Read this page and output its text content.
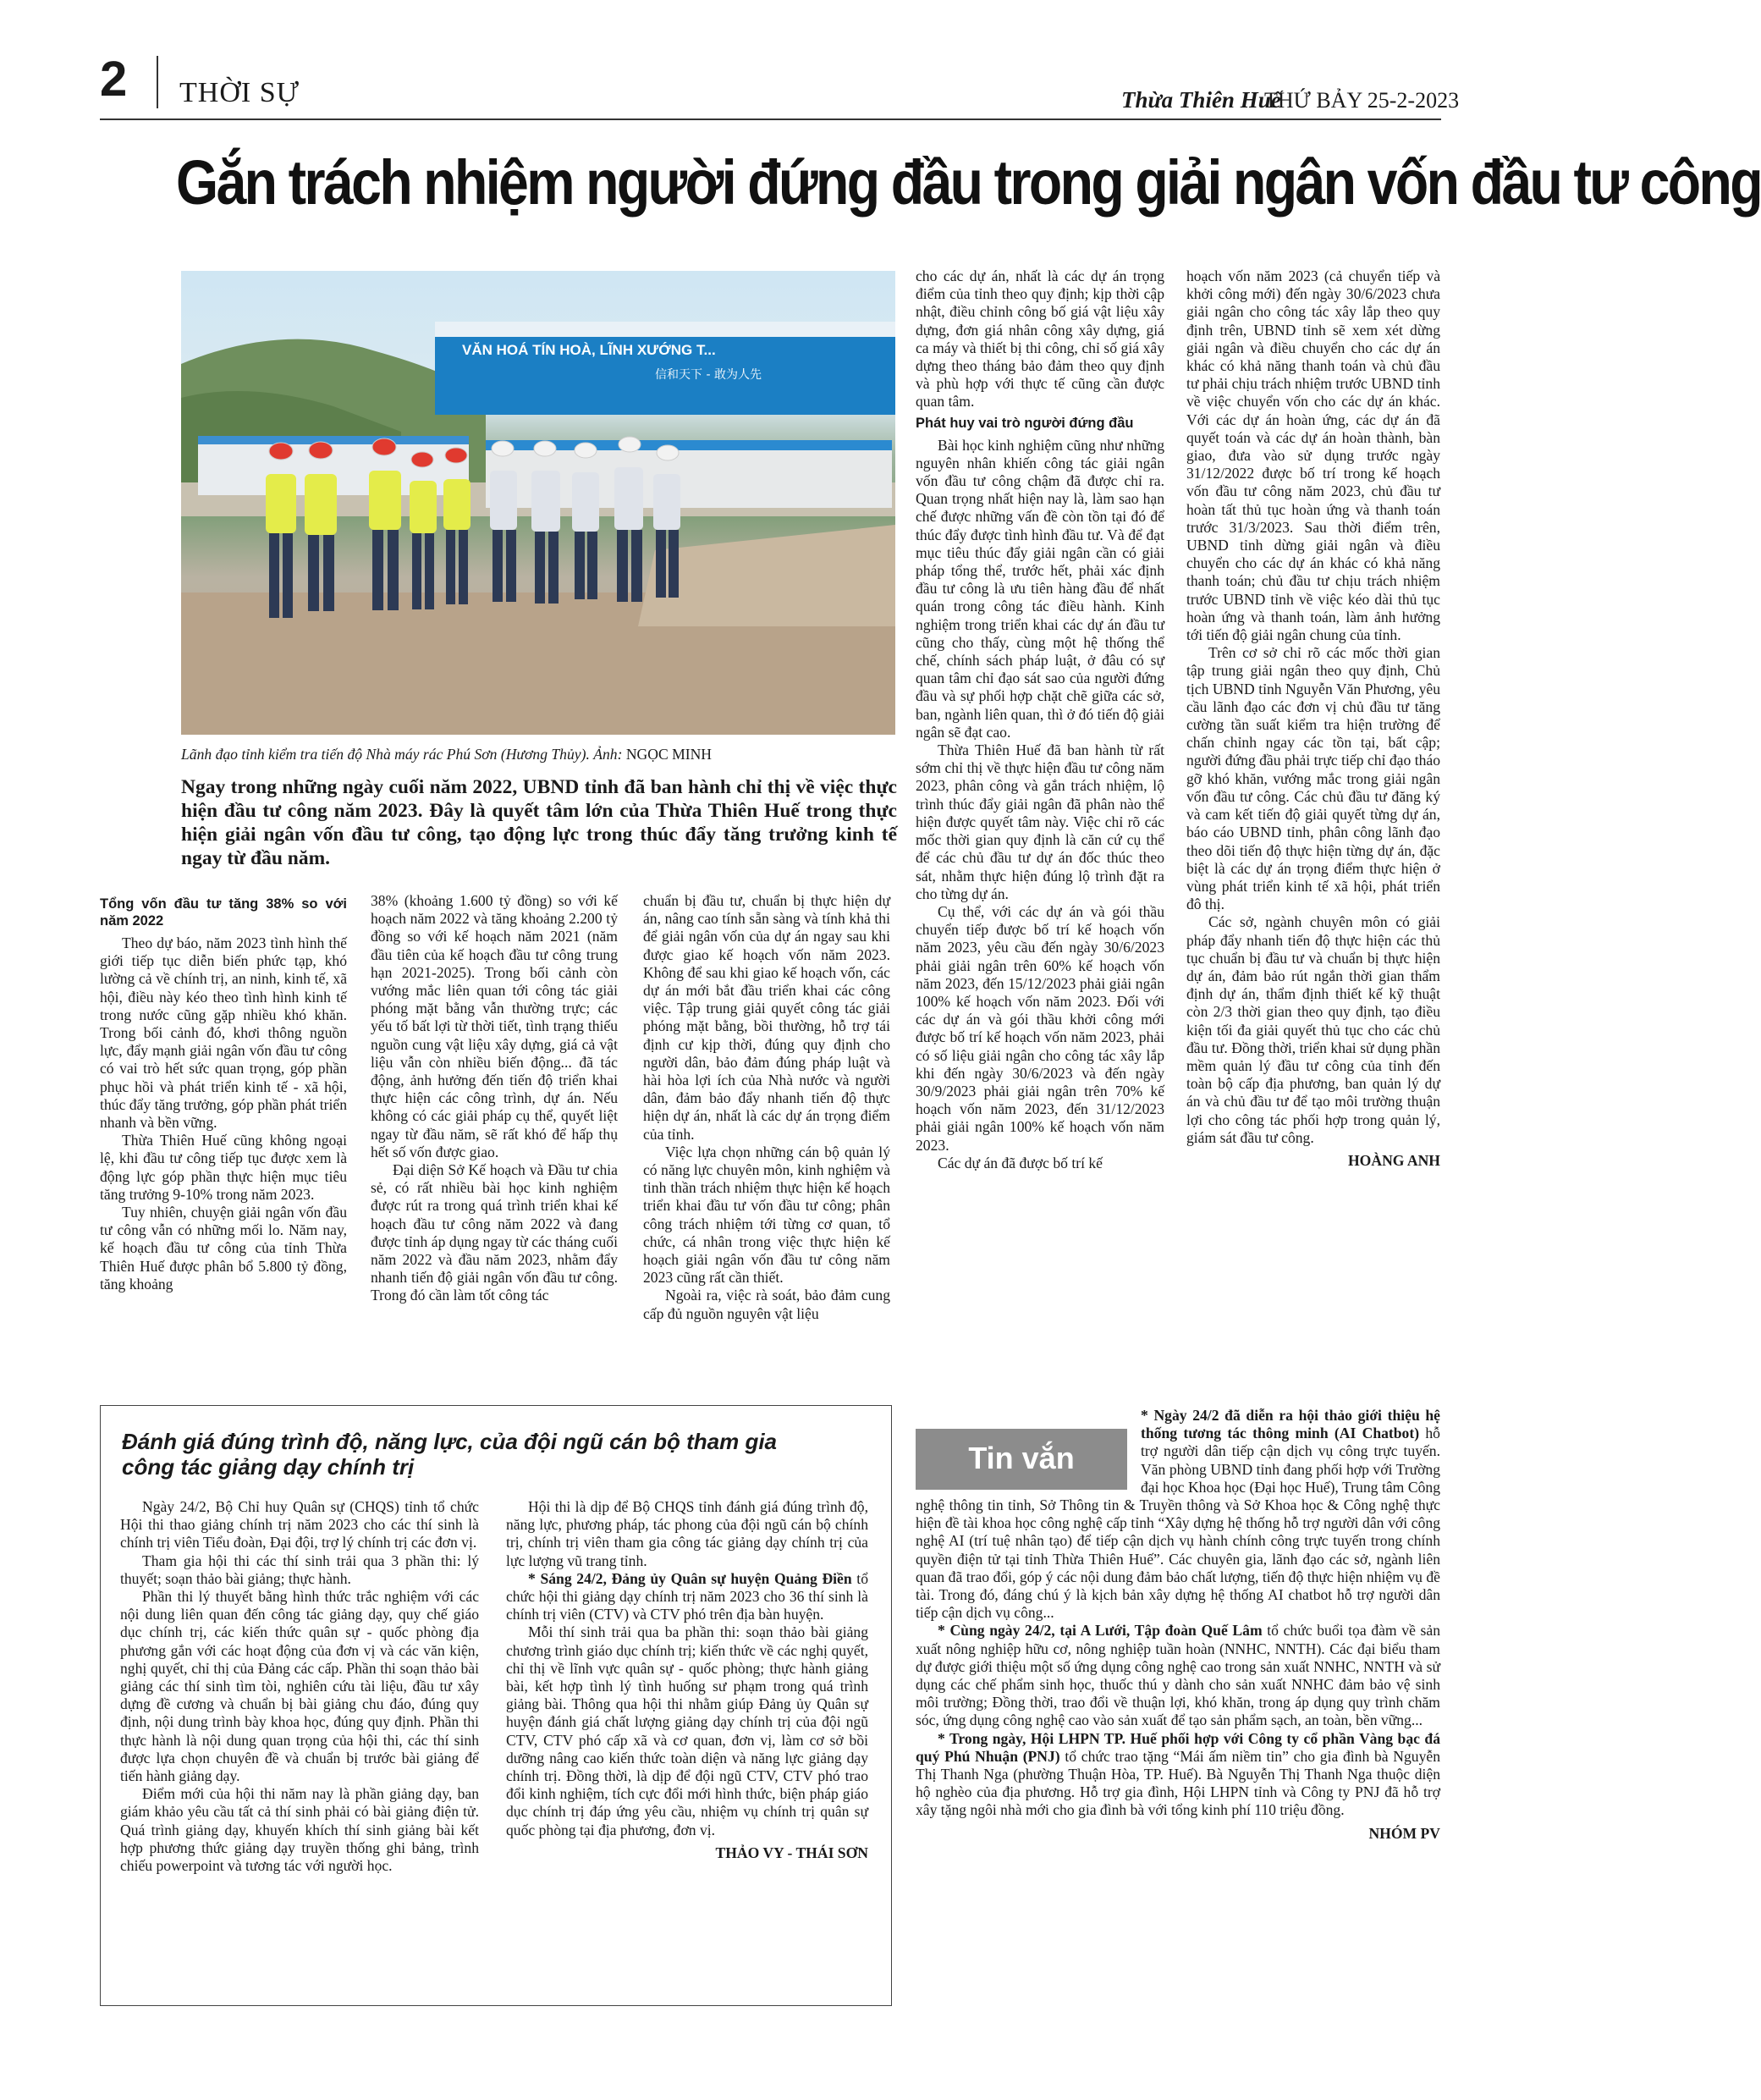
2 THỜI SỰ	Thừa Thiên Huế
THỨ BẢY 25-2-2023
Gắn trách nhiệm người đứng đầu trong giải ngân vốn đầu tư công
VĂN HOÁ TÍN HOÀ, LĨNH XƯỚNG T...
信和天下 - 敢为人先
Lãnh đạo tỉnh kiểm tra tiến độ Nhà máy rác Phú Sơn (Hương Thủy). Ảnh: NGỌC MINH
Ngay trong những ngày cuối năm 2022, UBND tỉnh đã ban hành chỉ thị về việc thực hiện đầu tư công năm 2023. Đây là quyết tâm lớn của Thừa Thiên Huế trong thực hiện giải ngân vốn đầu tư công, tạo động lực trong thúc đẩy tăng trưởng kinh tế ngay từ đầu năm.
Tổng vốn đầu tư tăng 38% so với năm 2022

Theo dự báo, năm 2023 tình hình thế giới tiếp tục diễn biến phức tạp, khó lường cả về chính trị, an ninh, kinh tế, xã hội, điều này kéo theo tình hình kinh tế trong nước cũng gặp nhiều khó khăn. Trong bối cảnh đó, khơi thông nguồn lực, đẩy mạnh giải ngân vốn đầu tư công có vai trò hết sức quan trọng, góp phần phục hồi và phát triển kinh tế - xã hội, thúc đẩy tăng trưởng, góp phần phát triển nhanh và bền vững.

Thừa Thiên Huế cũng không ngoại lệ, khi đầu tư công tiếp tục được xem là động lực góp phần thực hiện mục tiêu tăng trưởng 9-10% trong năm 2023.

Tuy nhiên, chuyện giải ngân vốn đầu tư công vẫn có những mối lo. Năm nay, kế hoạch đầu tư công của tỉnh Thừa Thiên Huế được phân bổ 5.800 tỷ đồng, tăng khoảng

38% (khoảng 1.600 tỷ đồng) so với kế hoạch năm 2022 và tăng khoảng 2.200 tỷ đồng so với kế hoạch năm 2021 (năm đầu tiên của kế hoạch đầu tư công trung hạn 2021-2025). Trong bối cảnh còn vướng mắc liên quan tới công tác giải phóng mặt bằng vẫn thường trực; các yếu tố bất lợi từ thời tiết, tình trạng thiếu nguồn cung vật liệu xây dựng, giá cả vật liệu vẫn còn nhiều biến động... đã tác động, ảnh hưởng đến tiến độ triển khai thực hiện các công trình, dự án. Nếu không có các giải pháp cụ thể, quyết liệt ngay từ đầu năm, sẽ rất khó để hấp thụ hết số vốn được giao.

Đại diện Sở Kế hoạch và Đầu tư chia sẻ, có rất nhiều bài học kinh nghiệm được rút ra trong quá trình triển khai kế hoạch đầu tư công năm 2022 và đang được tỉnh áp dụng ngay từ các tháng cuối năm 2022 và đầu năm 2023, nhằm đẩy nhanh tiến độ giải ngân vốn đầu tư công. Trong đó cần làm tốt công tác

chuẩn bị đầu tư, chuẩn bị thực hiện dự án, nâng cao tính sẵn sàng và tính khả thi để giải ngân vốn của dự án ngay sau khi được giao kế hoạch vốn năm 2023. Không để sau khi giao kế hoạch vốn, các dự án mới bắt đầu triển khai các công việc. Tập trung giải quyết công tác giải phóng mặt bằng, bồi thường, hỗ trợ tái định cư kịp thời, đúng quy định cho người dân, bảo đảm đúng pháp luật và hài hòa lợi ích của Nhà nước và người dân, đảm bảo đẩy nhanh tiến độ thực hiện dự án, nhất là các dự án trọng điểm của tỉnh.

Việc lựa chọn những cán bộ quản lý có năng lực chuyên môn, kinh nghiệm và tinh thần trách nhiệm thực hiện kế hoạch triển khai đầu tư vốn đầu tư công; phân công trách nhiệm tới từng cơ quan, tổ chức, cá nhân trong việc thực hiện kế hoạch giải ngân vốn đầu tư công năm 2023 cũng rất cần thiết.

Ngoài ra, việc rà soát, bảo đảm cung cấp đủ nguồn nguyên vật liệu

cho các dự án, nhất là các dự án trọng điểm của tỉnh theo quy định; kịp thời cập nhật, điều chỉnh công bố giá vật liệu xây dựng, đơn giá nhân công xây dựng, giá ca máy và thiết bị thi công, chỉ số giá xây dựng theo tháng bảo đảm theo quy định và phù hợp với thực tế cũng cần được quan tâm.

Phát huy vai trò người đứng đầu

Bài học kinh nghiệm cũng như những nguyên nhân khiến công tác giải ngân vốn đầu tư công chậm đã được chỉ ra. Quan trọng nhất hiện nay là, làm sao hạn chế được những vấn đề còn tồn tại đó để thúc đẩy được tình hình đầu tư. Và để đạt mục tiêu thúc đẩy giải ngân cần có giải pháp tổng thể, trước hết, phải xác định đầu tư công là ưu tiên hàng đầu để nhất quán trong công tác điều hành. Kinh nghiệm trong triển khai các dự án đầu tư cũng cho thấy, cùng một hệ thống thể chế, chính sách pháp luật, ở đâu có sự quan tâm chỉ đạo sát sao của người đứng đầu và sự phối hợp chặt chẽ giữa các sở, ban, ngành liên quan, thì ở đó tiến độ giải ngân sẽ đạt cao.

Thừa Thiên Huế đã ban hành từ rất sớm chỉ thị về thực hiện đầu tư công năm 2023, phân công và gắn trách nhiệm, lộ trình thúc đẩy giải ngân đã phân nào thể hiện được quyết tâm này. Việc chỉ rõ các mốc thời gian quy định là căn cứ cụ thể để các chủ đầu tư dự án đốc thúc theo sát, nhằm thực hiện đúng lộ trình đặt ra cho từng dự án.

Cụ thể, với các dự án và gói thầu chuyển tiếp được bố trí kế hoạch vốn năm 2023, yêu cầu đến ngày 30/6/2023 phải giải ngân trên 60% kế hoạch vốn năm 2023, đến 15/12/2023 phải giải ngân 100% kế hoạch vốn năm 2023. Đối với các dự án và gói thầu khởi công mới được bố trí kế hoạch vốn năm 2023, phải có số liệu giải ngân cho công tác xây lắp khi đến ngày 30/6/2023 và đến ngày 30/9/2023 phải giải ngân trên 70% kế hoạch vốn năm 2023, đến 31/12/2023 phải giải ngân 100% kế hoạch vốn năm 2023.

Các dự án đã được bố trí kế

hoạch vốn năm 2023 (cả chuyển tiếp và khởi công mới) đến ngày 30/6/2023 chưa giải ngân cho công tác xây lắp theo quy định trên, UBND tỉnh sẽ xem xét dừng giải ngân và điều chuyển cho các dự án khác có khả năng thanh toán và chủ đầu tư phải chịu trách nhiệm trước UBND tỉnh về việc chuyển vốn cho các dự án khác. Với các dự án hoàn ứng, các dự án đã quyết toán và các dự án hoàn thành, bàn giao, đưa vào sử dụng trước ngày 31/12/2022 được bố trí trong kế hoạch vốn đầu tư công năm 2023, chủ đầu tư hoàn tất thủ tục hoàn ứng và thanh toán trước 31/3/2023. Sau thời điểm trên, UBND tỉnh dừng giải ngân và điều chuyển cho các dự án khác có khả năng thanh toán; chủ đầu tư chịu trách nhiệm trước UBND tỉnh về việc kéo dài thủ tục hoàn ứng và thanh toán, làm ảnh hưởng tới tiến độ giải ngân chung của tỉnh.

Trên cơ sở chỉ rõ các mốc thời gian tập trung giải ngân theo quy định, Chủ tịch UBND tỉnh Nguyễn Văn Phương, yêu cầu lãnh đạo các đơn vị chủ đầu tư tăng cường tần suất kiểm tra hiện trường để chấn chỉnh ngay các tồn tại, bất cập; người đứng đầu phải trực tiếp chỉ đạo tháo gỡ khó khăn, vướng mắc trong giải ngân vốn đầu tư công. Các chủ đầu tư đăng ký và cam kết tiến độ giải quyết từng dự án, báo cáo UBND tỉnh, phân công lãnh đạo theo dõi tiến độ thực hiện từng dự án, đặc biệt là các dự án trọng điểm thực hiện ở vùng phát triển kinh tế xã hội, phát triển đô thị.

Các sở, ngành chuyên môn có giải pháp đẩy nhanh tiến độ thực hiện các thủ tục chuẩn bị đầu tư và chuẩn bị thực hiện dự án, đảm bảo rút ngắn thời gian thẩm định dự án, thẩm định thiết kế kỹ thuật còn 2/3 thời gian theo quy định, tạo điều kiện tối đa giải quyết thủ tục cho các chủ đầu tư. Đồng thời, triển khai sử dụng phần mềm quản lý đầu tư công của tỉnh đến toàn bộ cấp địa phương, ban quản lý dự án và chủ đầu tư để tạo môi trường thuận lợi cho công tác phối hợp trong quản lý, giám sát đầu tư công.

HOÀNG ANH
Đánh giá đúng trình độ, năng lực, của đội ngũ cán bộ tham gia công tác giảng dạy chính trị

Ngày 24/2, Bộ Chỉ huy Quân sự (CHQS) tỉnh tổ chức Hội thi thao giảng chính trị năm 2023 cho các thí sinh là chính trị viên Tiểu đoàn, Đại đội, trợ lý chính trị các đơn vị.

Tham gia hội thi các thí sinh trải qua 3 phần thi: lý thuyết; soạn thảo bài giảng; thực hành.

Phần thi lý thuyết bằng hình thức trắc nghiệm với các nội dung liên quan đến công tác giảng dạy, quy chế giáo dục chính trị, các kiến thức quân sự - quốc phòng địa phương gắn với các hoạt động của đơn vị và các văn kiện, nghị quyết, chỉ thị của Đảng các cấp. Phần thi soạn thảo bài giảng các thí sinh tìm tòi, nghiên cứu tài liệu, đầu tư xây dựng đề cương và chuẩn bị bài giảng chu đáo, đúng quy định, nội dung trình bày khoa học, đúng quy định. Phần thi thực hành là nội dung quan trọng của hội thi, các thí sinh được lựa chọn chuyên đề và chuẩn bị trước bài giảng để tiến hành giảng dạy.

Điểm mới của hội thi năm nay là phần giảng dạy, ban giám khảo yêu cầu tất cả thí sinh phải có bài giảng điện tử. Quá trình giảng dạy, khuyến khích thí sinh giảng bài kết hợp phương thức giảng dạy truyền thống ghi bảng, trình chiếu powerpoint và tương tác với người học.

Hội thi là dịp để Bộ CHQS tỉnh đánh giá đúng trình độ, năng lực, phương pháp, tác phong của đội ngũ cán bộ chính trị, chính trị viên tham gia công tác giảng dạy chính trị của lực lượng vũ trang tỉnh.

* Sáng 24/2, Đảng ủy Quân sự huyện Quảng Điền tổ chức hội thi giảng dạy chính trị năm 2023 cho 36 thí sinh là chính trị viên (CTV) và CTV phó trên địa bàn huyện.

Mỗi thí sinh trải qua ba phần thi: soạn thảo bài giảng chương trình giáo dục chính trị; kiến thức về các nghị quyết, chỉ thị về lĩnh vực quân sự - quốc phòng; thực hành giảng bài, kết hợp tình lý tình huống sư phạm trong quá trình giảng bài. Thông qua hội thi nhằm giúp Đảng ủy Quân sự huyện đánh giá chất lượng giảng dạy chính trị của đội ngũ CTV, CTV phó cấp xã và cơ quan, đơn vị, làm cơ sở bồi dưỡng nâng cao kiến thức toàn diện và năng lực giảng dạy chính trị. Đồng thời, là dịp để đội ngũ CTV, CTV phó trao đổi kinh nghiệm, tích cực đổi mới hình thức, biện pháp giáo dục chính trị đáp ứng yêu cầu, nhiệm vụ chính trị quân sự quốc phòng tại địa phương, đơn vị.

THẢO VY - THÁI SƠN
Tin vắn

* Ngày 24/2 đã diễn ra hội thảo giới thiệu hệ thống tương tác thông minh (AI Chatbot) hỗ trợ người dân tiếp cận dịch vụ công trực tuyến. Văn phòng UBND tỉnh đang phối hợp với Trường đại học Khoa học (Đại học Huế), Trung tâm Công nghệ thông tin tỉnh, Sở Thông tin & Truyền thông và Sở Khoa học & Công nghệ thực hiện đề tài khoa học công nghệ cấp tỉnh “Xây dựng hệ thống hỗ trợ người dân với công nghệ AI (trí tuệ nhân tạo) để tiếp cận dịch vụ hành chính công trực tuyến trong chính quyền điện tử tại tỉnh Thừa Thiên Huế”. Các chuyên gia, lãnh đạo các sở, ngành liên quan đã trao đổi, góp ý các nội dung đảm bảo chất lượng, tiến độ thực hiện nhiệm vụ đề tài. Trong đó, đáng chú ý là kịch bản xây dựng hệ thống AI chatbot hỗ trợ người dân tiếp cận dịch vụ công...

* Cùng ngày 24/2, tại A Lưới, Tập đoàn Quế Lâm tổ chức buổi tọa đàm về sản xuất nông nghiệp hữu cơ, nông nghiệp tuần hoàn (NNHC, NNTH). Các đại biểu tham dự được giới thiệu một số ứng dụng công nghệ cao trong sản xuất NNHC, NNTH và sử dụng các chế phẩm sinh học, thuốc thú y dành cho sản xuất NNHC đảm bảo vệ sinh môi trường; Đồng thời, trao đổi về thuận lợi, khó khăn, trong áp dụng quy trình chăm sóc, ứng dụng công nghệ cao vào sản xuất để tạo sản phẩm sạch, an toàn, bền vững...

* Trong ngày, Hội LHPN TP. Huế phối hợp với Công ty cổ phần Vàng bạc đá quý Phú Nhuận (PNJ) tổ chức trao tặng “Mái ấm niềm tin” cho gia đình bà Nguyễn Thị Thanh Nga (phường Thuận Hòa, TP. Huế). Bà Nguyễn Thị Thanh Nga thuộc diện hộ nghèo của địa phương. Hỗ trợ gia đình, Hội LHPN tỉnh và Công ty PNJ đã hỗ trợ xây tặng ngôi nhà mới cho gia đình bà với tổng kinh phí 110 triệu đồng.

NHÓM PV
